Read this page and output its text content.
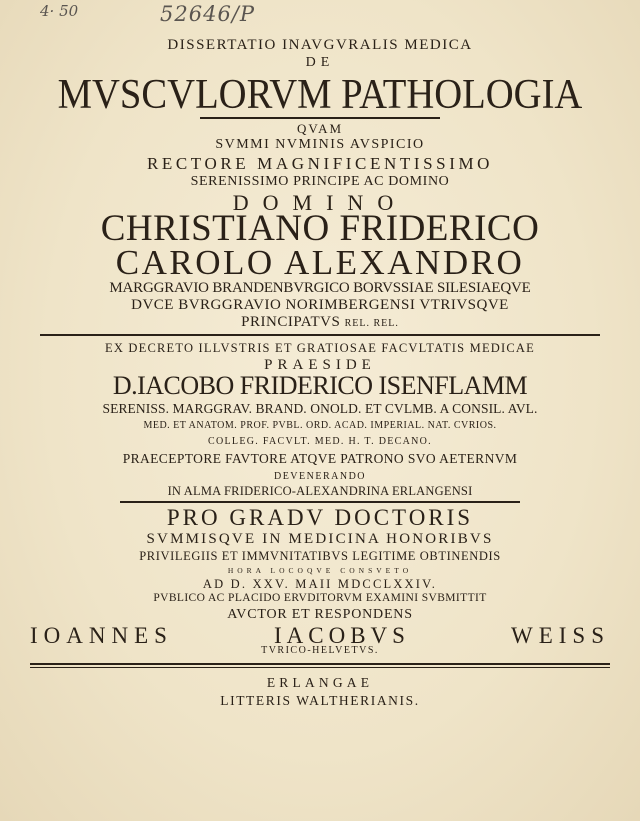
4· 50	52646/P
DISSERTATIO INAVGVRALIS MEDICA
DE
MVSCVLORVM PATHOLOGIA
QVAM
SVMMI NVMINIS AVSPICIO
RECTORE MAGNIFICENTISSIMO
SERENISSIMO PRINCIPE AC DOMINO
DOMINO
CHRISTIANO FRIDERICO
CAROLO ALEXANDRO
MARGGRAVIO BRANDENBVRGICO BORVSSIAE SILESIAEQVE
DVCE BVRGGRAVIO NORIMBERGENSI VTRIVSQVE
PRINCIPATVS REL. REL.
EX DECRETO ILLVSTRIS ET GRATIOSAE FACVLTATIS MEDICAE
PRAESIDE
D.IACOBO FRIDERICO ISENFLAMM
SERENISS. MARGGRAV. BRAND. ONOLD. ET CVLMB. A CONSIL. AVL.
MED. ET ANATOM. PROF. PVBL. ORD. ACAD. IMPERIAL. NAT. CVRIOS.
COLLEG. FACVLT. MED. H. T. DECANO.
PRAECEPTORE FAVTORE ATQVE PATRONO SVO AETERNVM
DEVENERANDO
IN ALMA FRIDERICO-ALEXANDRINA ERLANGENSI
PRO GRADV DOCTORIS
SVMMISQVE IN MEDICINA HONORIBVS
PRIVILEGIIS ET IMMVNITATIBVS LEGITIME OBTINENDIS
HORA LOCOQVE CONSVETO
AD D. XXV. MAII MDCCLXXIV.
PVBLICO AC PLACIDO ERVDITORVM EXAMINI SVBMITTIT
AVCTOR ET RESPONDENS
IOANNES	IACOBVS	WEISS
TVRICO-HELVETVS.
ERLANGAE
LITTERIS WALTHERIANIS.
